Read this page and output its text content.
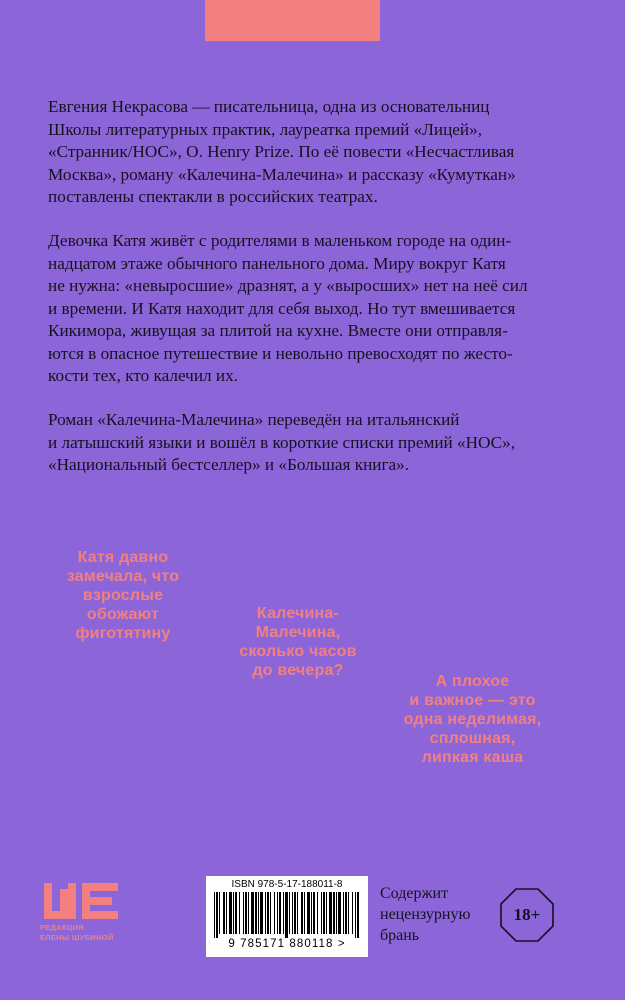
Евгения Некрасова — писательница, одна из основательниц
Школы литературных практик, лауреатка премий «Лицей»,
«Странник/НОС», O. Henry Prize. По её повести «Несчастливая
Москва», роману «Калечина-Малечина» и рассказу «Кумуткан»
поставлены спектакли в российских театрах.
Девочка Катя живёт с родителями в маленьком городе на один-
надцатом этаже обычного панельного дома. Миру вокруг Катя
не нужна: «невыросшие» дразнят, а у «выросших» нет на неё сил
и времени. И Катя находит для себя выход. Но тут вмешивается
Кикимора, живущая за плитой на кухне. Вместе они отправля-
ются в опасное путешествие и невольно превосходят по жесто-
кости тех, кто калечил их.
Роман «Калечина-Малечина» переведён на итальянский
и латышский языки и вошёл в короткие списки премий «НОС»,
«Национальный бестселлер» и «Большая книга».
Катя давно
замечала, что
взрослые
обожают
фиготятину
Калечина-
Малечина,
сколько часов
до вечера?
А плохое
и важное — это
одна неделимая,
сплошная,
липкая каша
РЕДАКЦИЯ
ЕЛЕНЫ ШУБИНОЙ
ISBN 978-5-17-188011-8
9 785171 880118 >
Содержит
нецензурную
брань
18+
